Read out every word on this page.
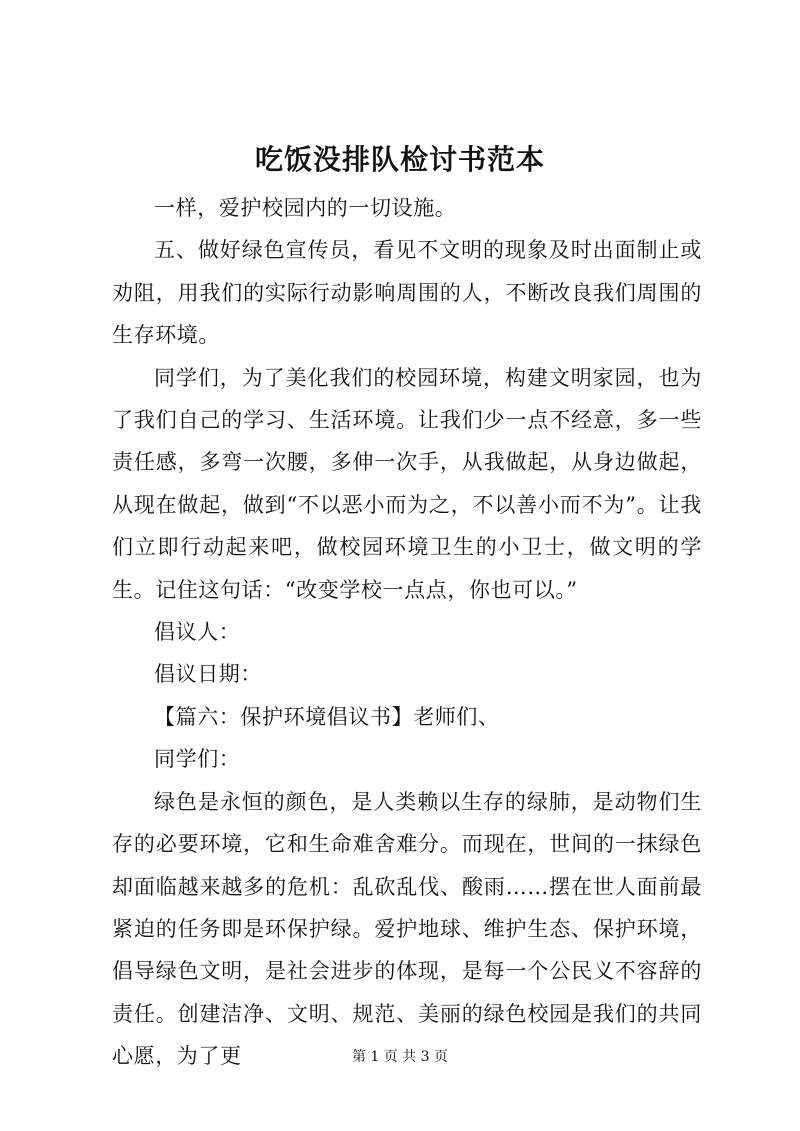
吃饭没排队检讨书范本

一样，爱护校园内的一切设施。

五、做好绿色宣传员，看见不文明的现象及时出面制止或劝阻，用我们的实际行动影响周围的人，不断改良我们周围的生存环境。

同学们，为了美化我们的校园环境，构建文明家园，也为了我们自己的学习、生活环境。让我们少一点不经意，多一些责任感，多弯一次腰，多伸一次手，从我做起，从身边做起，从现在做起，做到“不以恶小而为之，不以善小而不为”。让我们立即行动起来吧，做校园环境卫生的小卫士，做文明的学生。记住这句话：“改变学校一点点，你也可以。”

倡议人：

倡议日期：

【篇六：保护环境倡议书】老师们、

同学们：

绿色是永恒的颜色，是人类赖以生存的绿肺，是动物们生存的必要环境，它和生命难舍难分。而现在，世间的一抹绿色却面临越来越多的危机：乱砍乱伐、酸雨……摆在世人面前最紧迫的任务即是环保护绿。爱护地球、维护生态、保护环境，倡导绿色文明，是社会进步的体现，是每一个公民义不容辞的责任。创建洁净、文明、规范、美丽的绿色校园是我们的共同心愿，为了更	第 1 页 共 3 页
